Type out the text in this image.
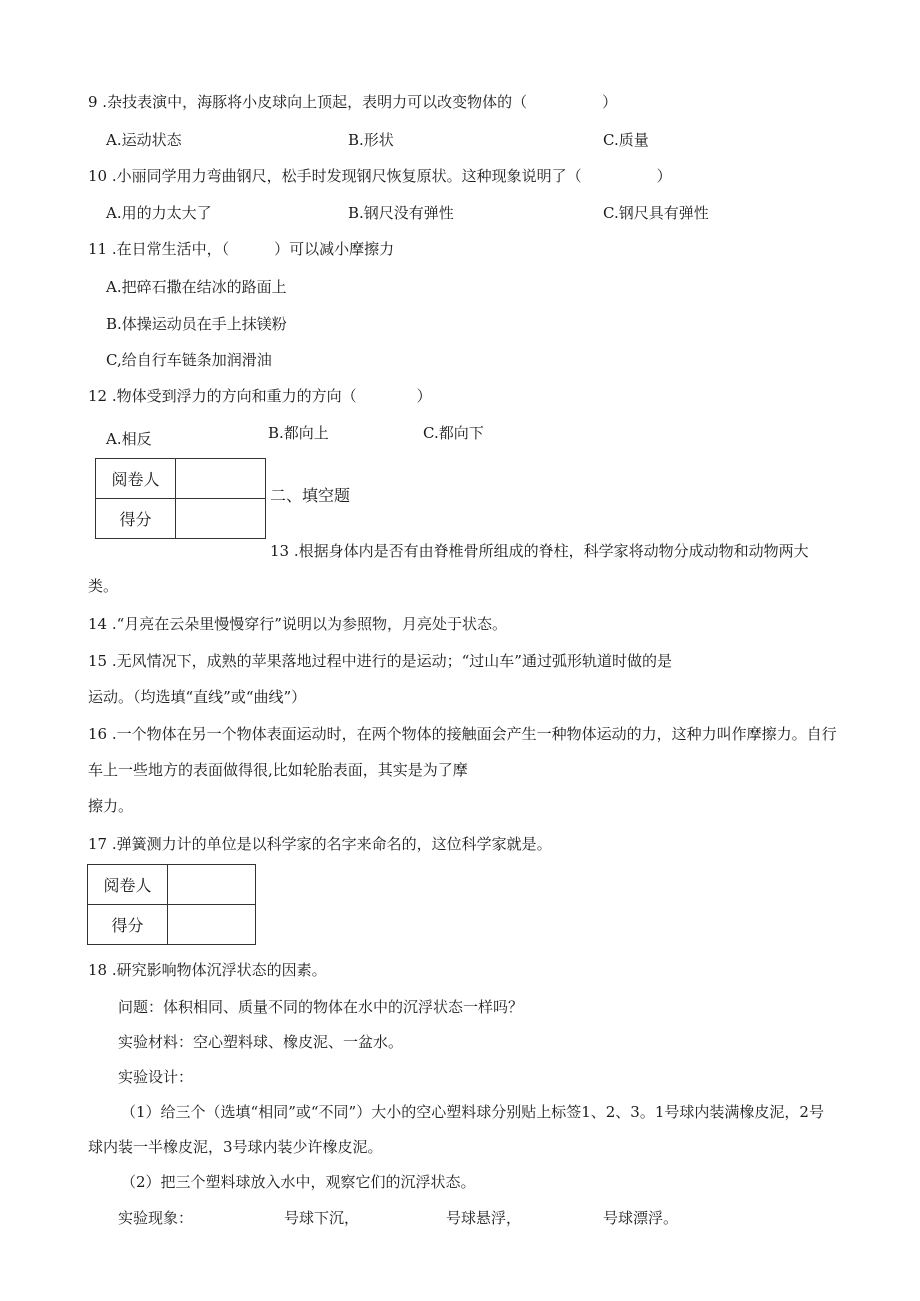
9 .杂技表演中，海豚将小皮球向上顶起，表明力可以改变物体的（　　　　　）
A.运动状态	B.形状	C.质量
10 .小丽同学用力弯曲钢尺，松手时发现钢尺恢复原状。这种现象说明了（　　　　　）
A.用的力太大了	B.钢尺没有弹性	C.钢尺具有弹性
11 .在日常生活中，（　　　）可以减小摩擦力
A.把碎石撒在结冰的路面上
B.体操运动员在手上抹镁粉
C,给自行车链条加润滑油
12 .物体受到浮力的方向和重力的方向（　　　　）
A.相反	B.都向上	C.都向下
阅卷人	
得分	
二、填空题
13 .根据身体内是否有由脊椎骨所组成的脊柱，科学家将动物分成动物和动物两大
类。
14 .“月亮在云朵里慢慢穿行”说明以为参照物，月亮处于状态。
15 .无风情况下，成熟的苹果落地过程中进行的是运动；“过山车”通过弧形轨道时做的是
运动。（均选填“直线”或“曲线”）
16 .一个物体在另一个物体表面运动时，在两个物体的接触面会产生一种物体运动的力，这种力叫作摩擦力。自行
车上一些地方的表面做得很,比如轮胎表面，其实是为了摩
擦力。
17 .弹簧测力计的单位是以科学家的名字来命名的，这位科学家就是。
阅卷人	
得分	
18 .研究影响物体沉浮状态的因素。
问题：体积相同、质量不同的物体在水中的沉浮状态一样吗？
实验材料：空心塑料球、橡皮泥、一盆水。
实验设计：
（1）给三个（选填“相同”或“不同”）大小的空心塑料球分别贴上标签1、2、3。1号球内装满橡皮泥，2号
球内装一半橡皮泥，3号球内装少许橡皮泥。
（2）把三个塑料球放入水中，观察它们的沉浮状态。
实验现象：	号球下沉，	号球悬浮，	号球漂浮。
